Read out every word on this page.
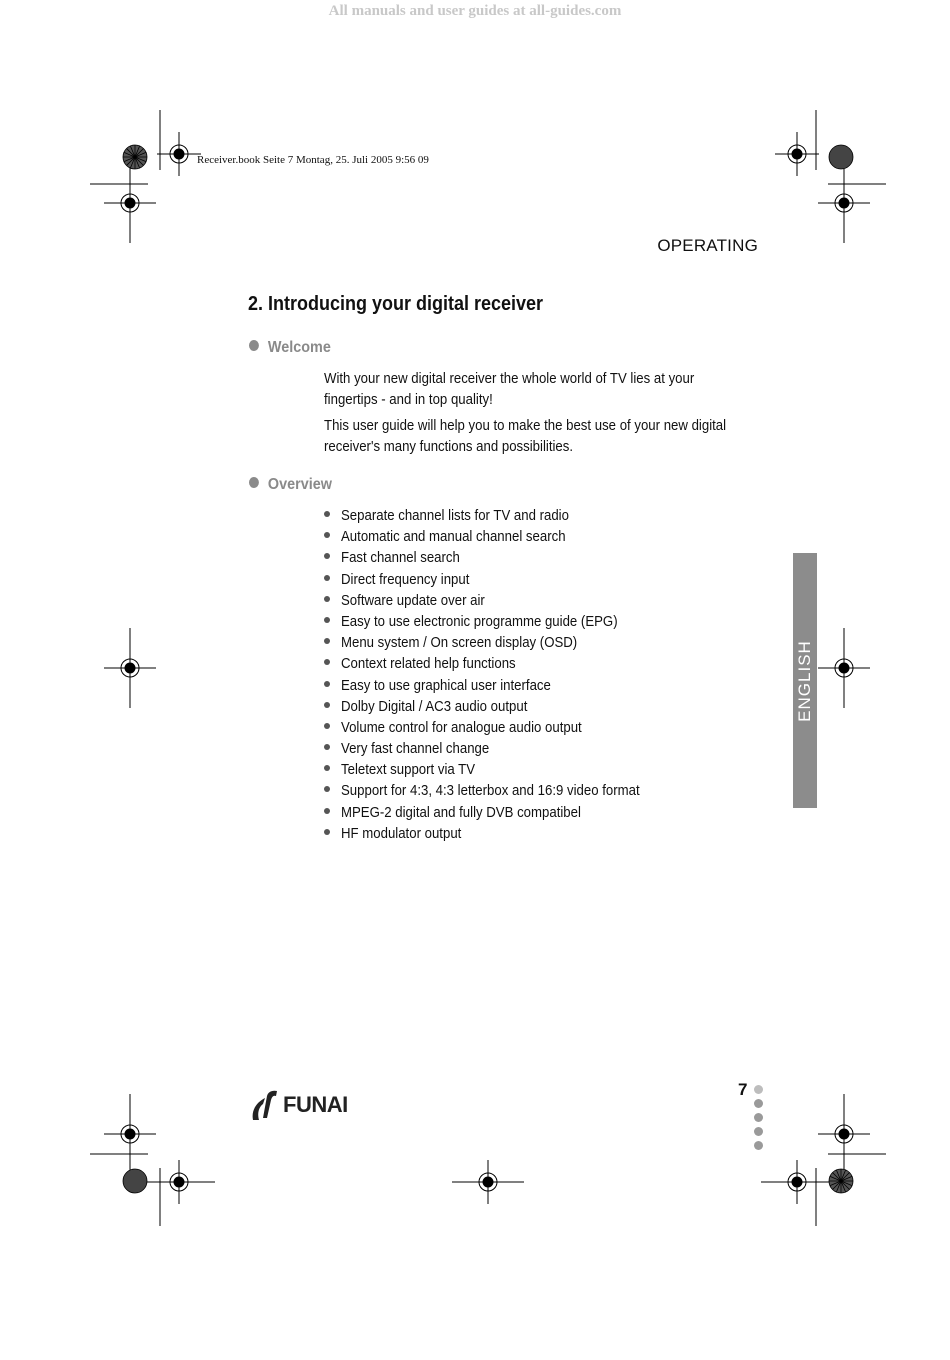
All manuals and user guides at all-guides.com
Receiver.book Seite 7 Montag, 25. Juli 2005 9:56 09
OPERATING
2. Introducing your digital receiver
Welcome

With your new digital receiver the whole world of TV lies at your fingertips - and in top quality!

This user guide will help you to make the best use of your new digital receiver's many functions and possibilities.

Overview
Separate channel lists for TV and radio
Automatic and manual channel search
Fast channel search
Direct frequency input
Software update over air
Easy to use electronic programme guide (EPG)
Menu system / On screen display (OSD)
Context related help functions
Easy to use graphical user interface
Dolby Digital / AC3 audio output
Volume control for analogue audio output
Very fast channel change
Teletext support via TV
Support for 4:3, 4:3 letterbox and 16:9 video format
MPEG-2 digital and fully DVB compatibel
HF modulator output
ENGLISH
FUNAI
7
